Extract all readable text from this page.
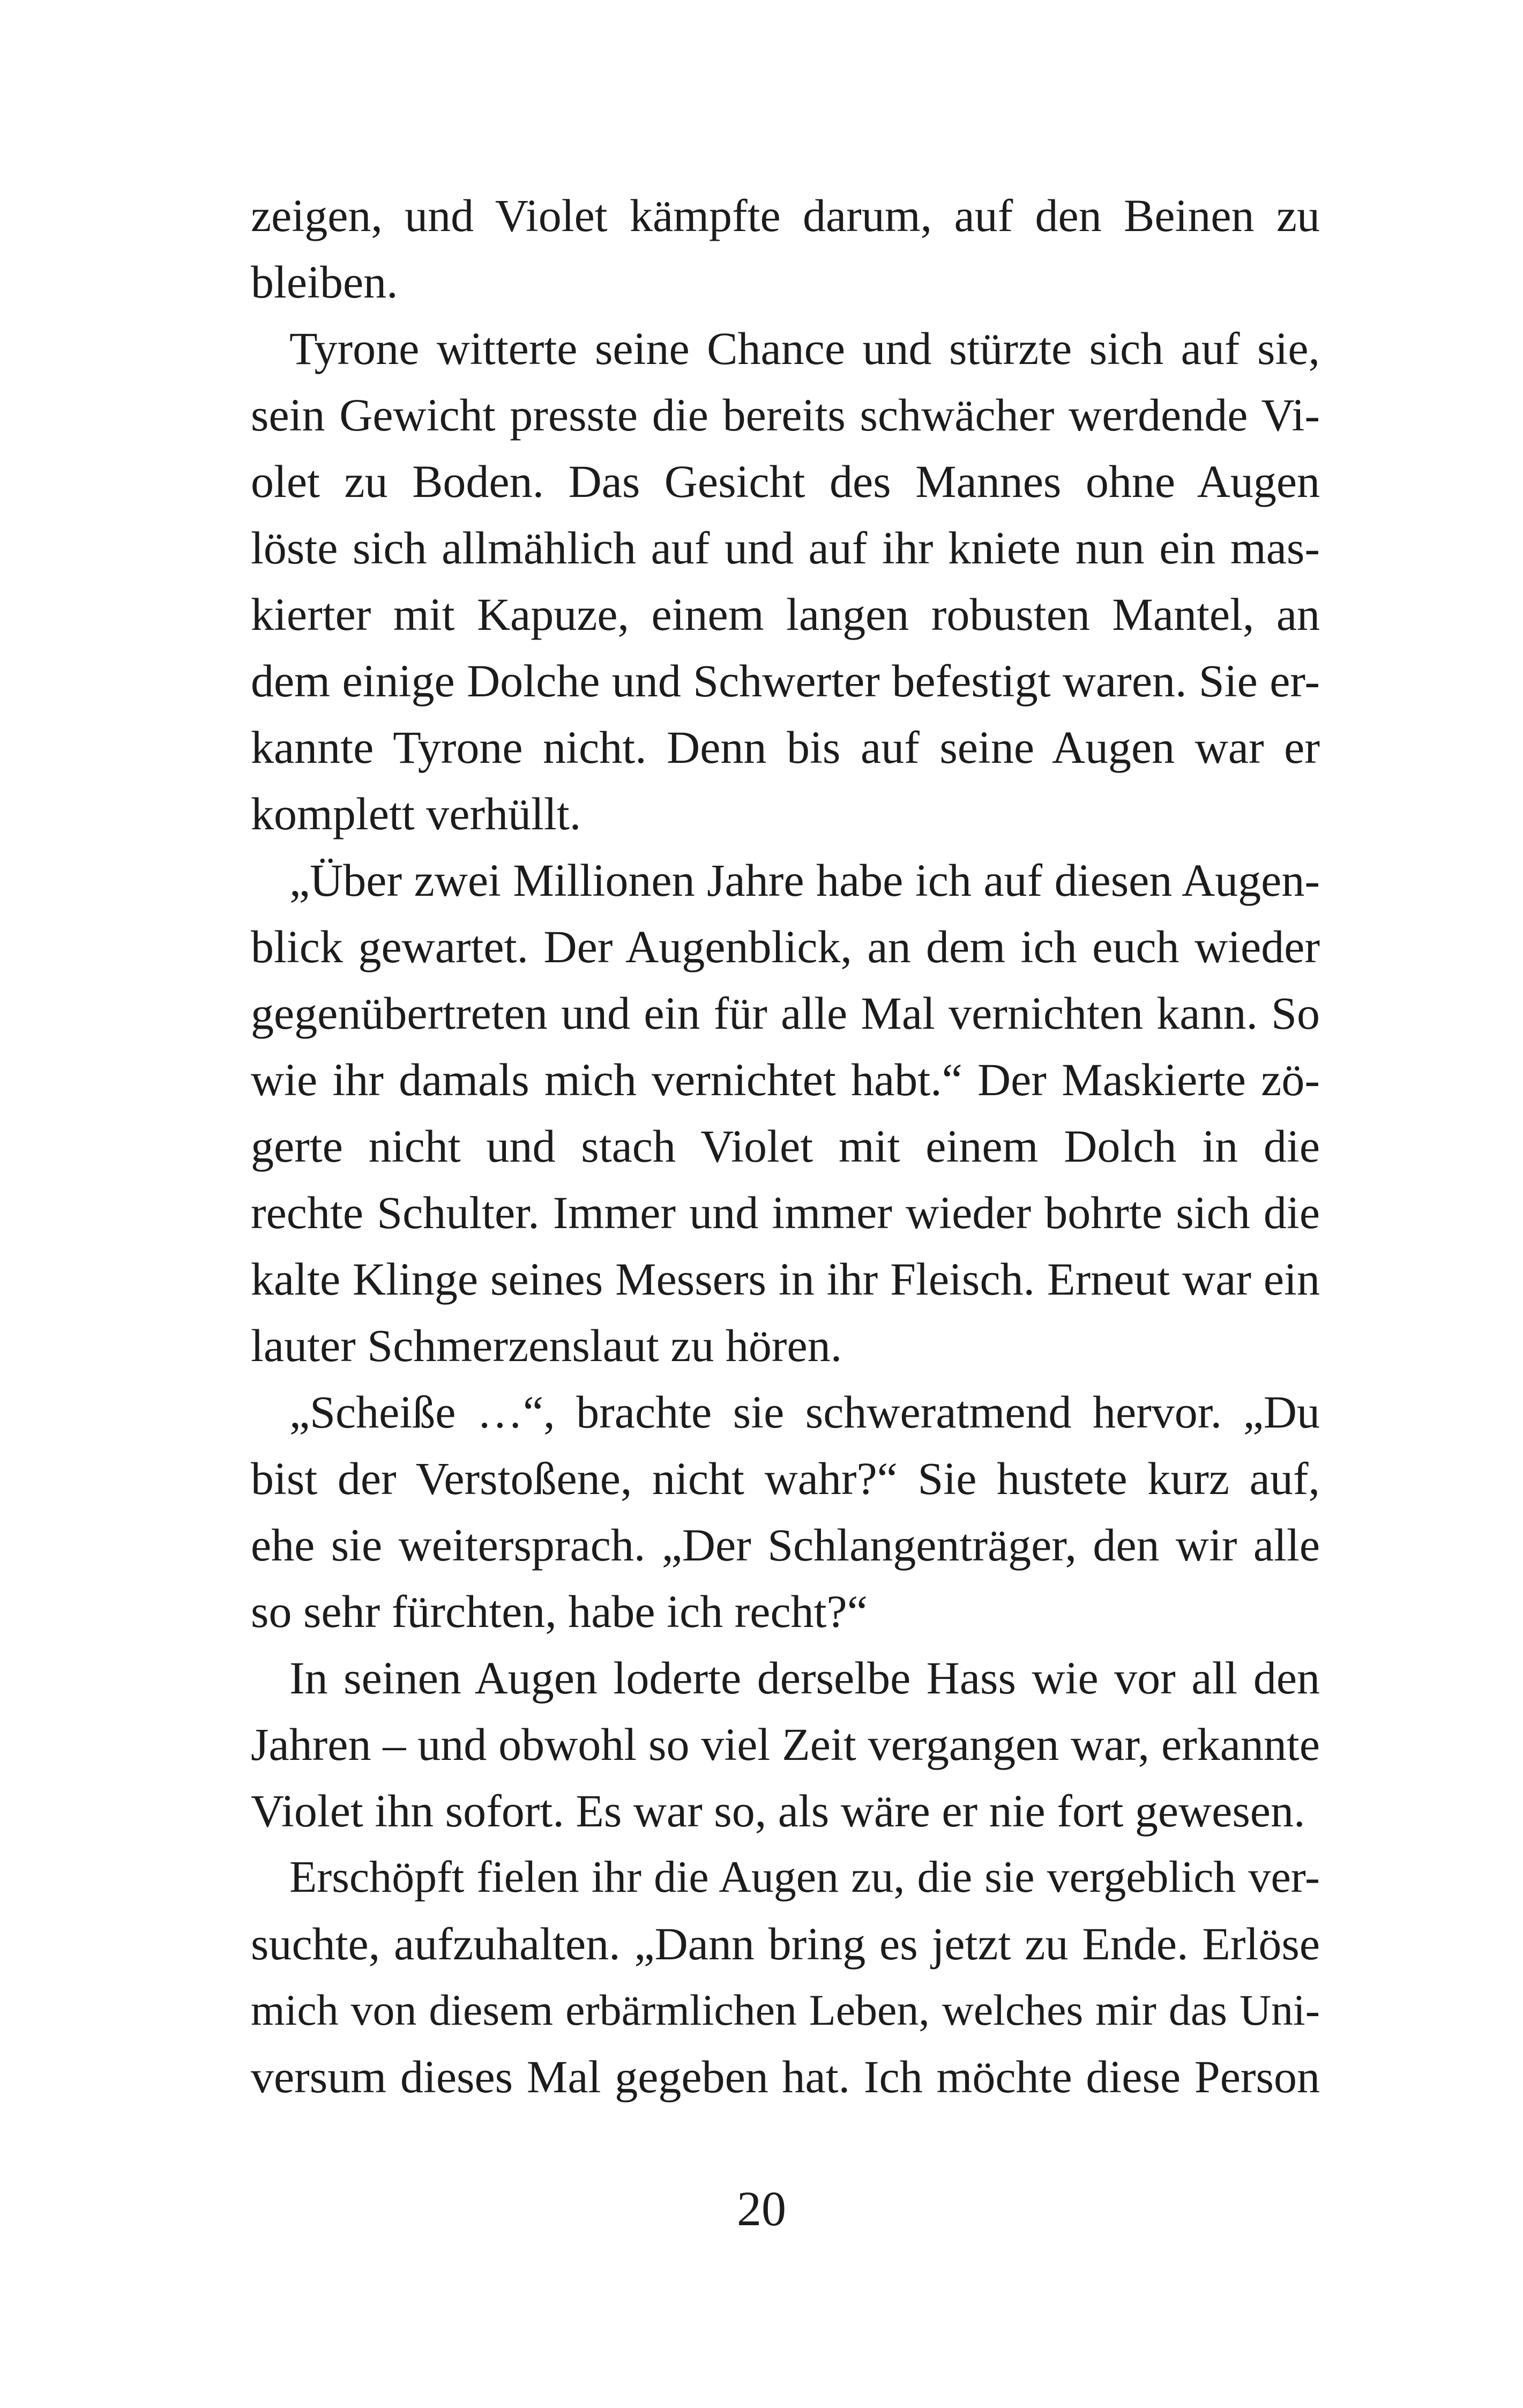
zeigen, und Violet kämpfte darum, auf den Beinen zu
bleiben.
Tyrone witterte seine Chance und stürzte sich auf sie,
sein Gewicht presste die bereits schwächer werdende Vi-
olet zu Boden. Das Gesicht des Mannes ohne Augen
löste sich allmählich auf und auf ihr kniete nun ein mas-
kierter mit Kapuze, einem langen robusten Mantel, an
dem einige Dolche und Schwerter befestigt waren. Sie er-
kannte Tyrone nicht. Denn bis auf seine Augen war er
komplett verhüllt.
„Über zwei Millionen Jahre habe ich auf diesen Augen-
blick gewartet. Der Augenblick, an dem ich euch wieder
gegenübertreten und ein für alle Mal vernichten kann. So
wie ihr damals mich vernichtet habt.“ Der Maskierte zö-
gerte nicht und stach Violet mit einem Dolch in die
rechte Schulter. Immer und immer wieder bohrte sich die
kalte Klinge seines Messers in ihr Fleisch. Erneut war ein
lauter Schmerzenslaut zu hören.
„Scheiße …“, brachte sie schweratmend hervor. „Du
bist der Verstoßene, nicht wahr?“ Sie hustete kurz auf,
ehe sie weitersprach. „Der Schlangenträger, den wir alle
so sehr fürchten, habe ich recht?“
In seinen Augen loderte derselbe Hass wie vor all den
Jahren – und obwohl so viel Zeit vergangen war, erkannte
Violet ihn sofort. Es war so, als wäre er nie fort gewesen.
Erschöpft fielen ihr die Augen zu, die sie vergeblich ver-
suchte, aufzuhalten. „Dann bring es jetzt zu Ende. Erlöse
mich von diesem erbärmlichen Leben, welches mir das Uni-
versum dieses Mal gegeben hat. Ich möchte diese Person
20
